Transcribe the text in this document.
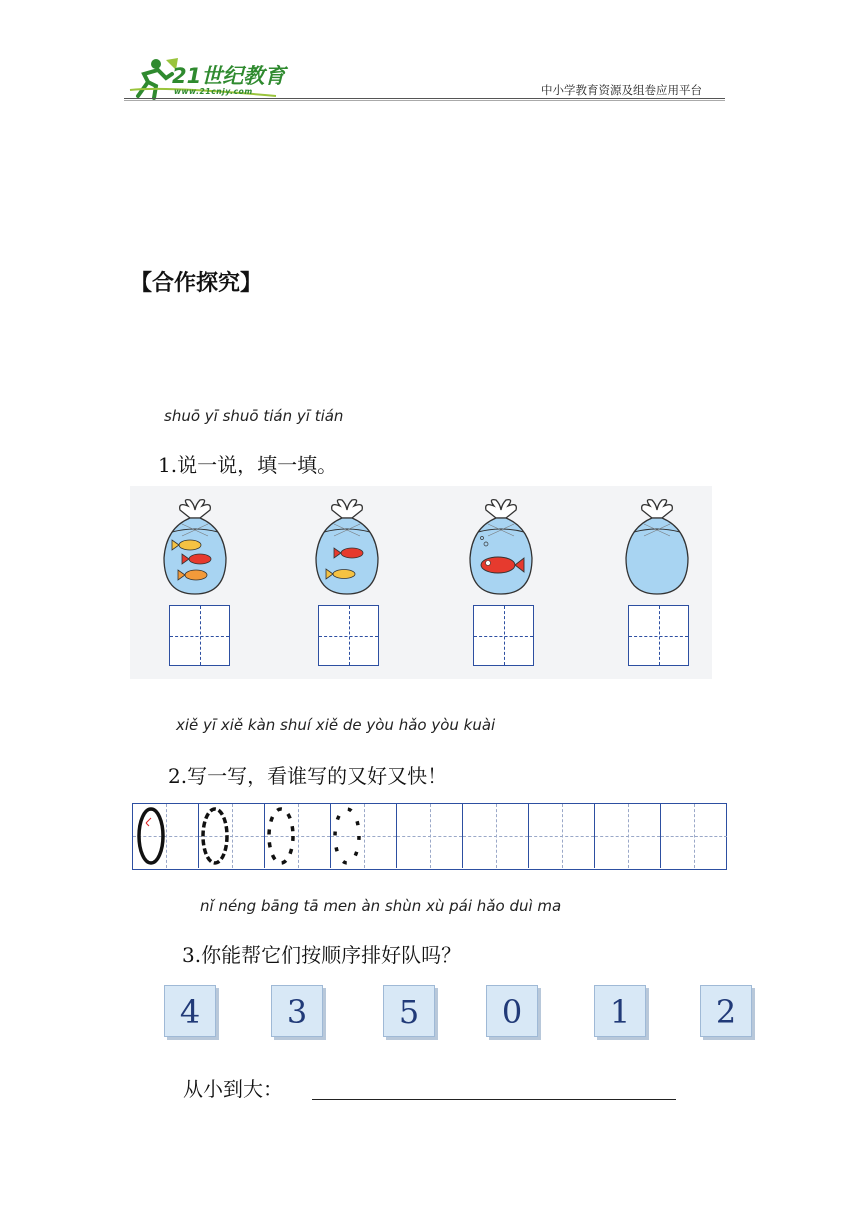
21世纪教育
www.21cnjy.com	中小学教育资源及组卷应用平台
【合作探究】
shuō yī shuō tián yī tián
1.说一说，填一填。
xiě yī xiě kàn shuí xiě de yòu hǎo yòu kuài
2.写一写，看谁写的又好又快！
nǐ néng bāng tā men àn shùn xù pái hǎo duì ma
3.你能帮它们按顺序排好队吗？
4	3	5	0	1	2
从小到大：
